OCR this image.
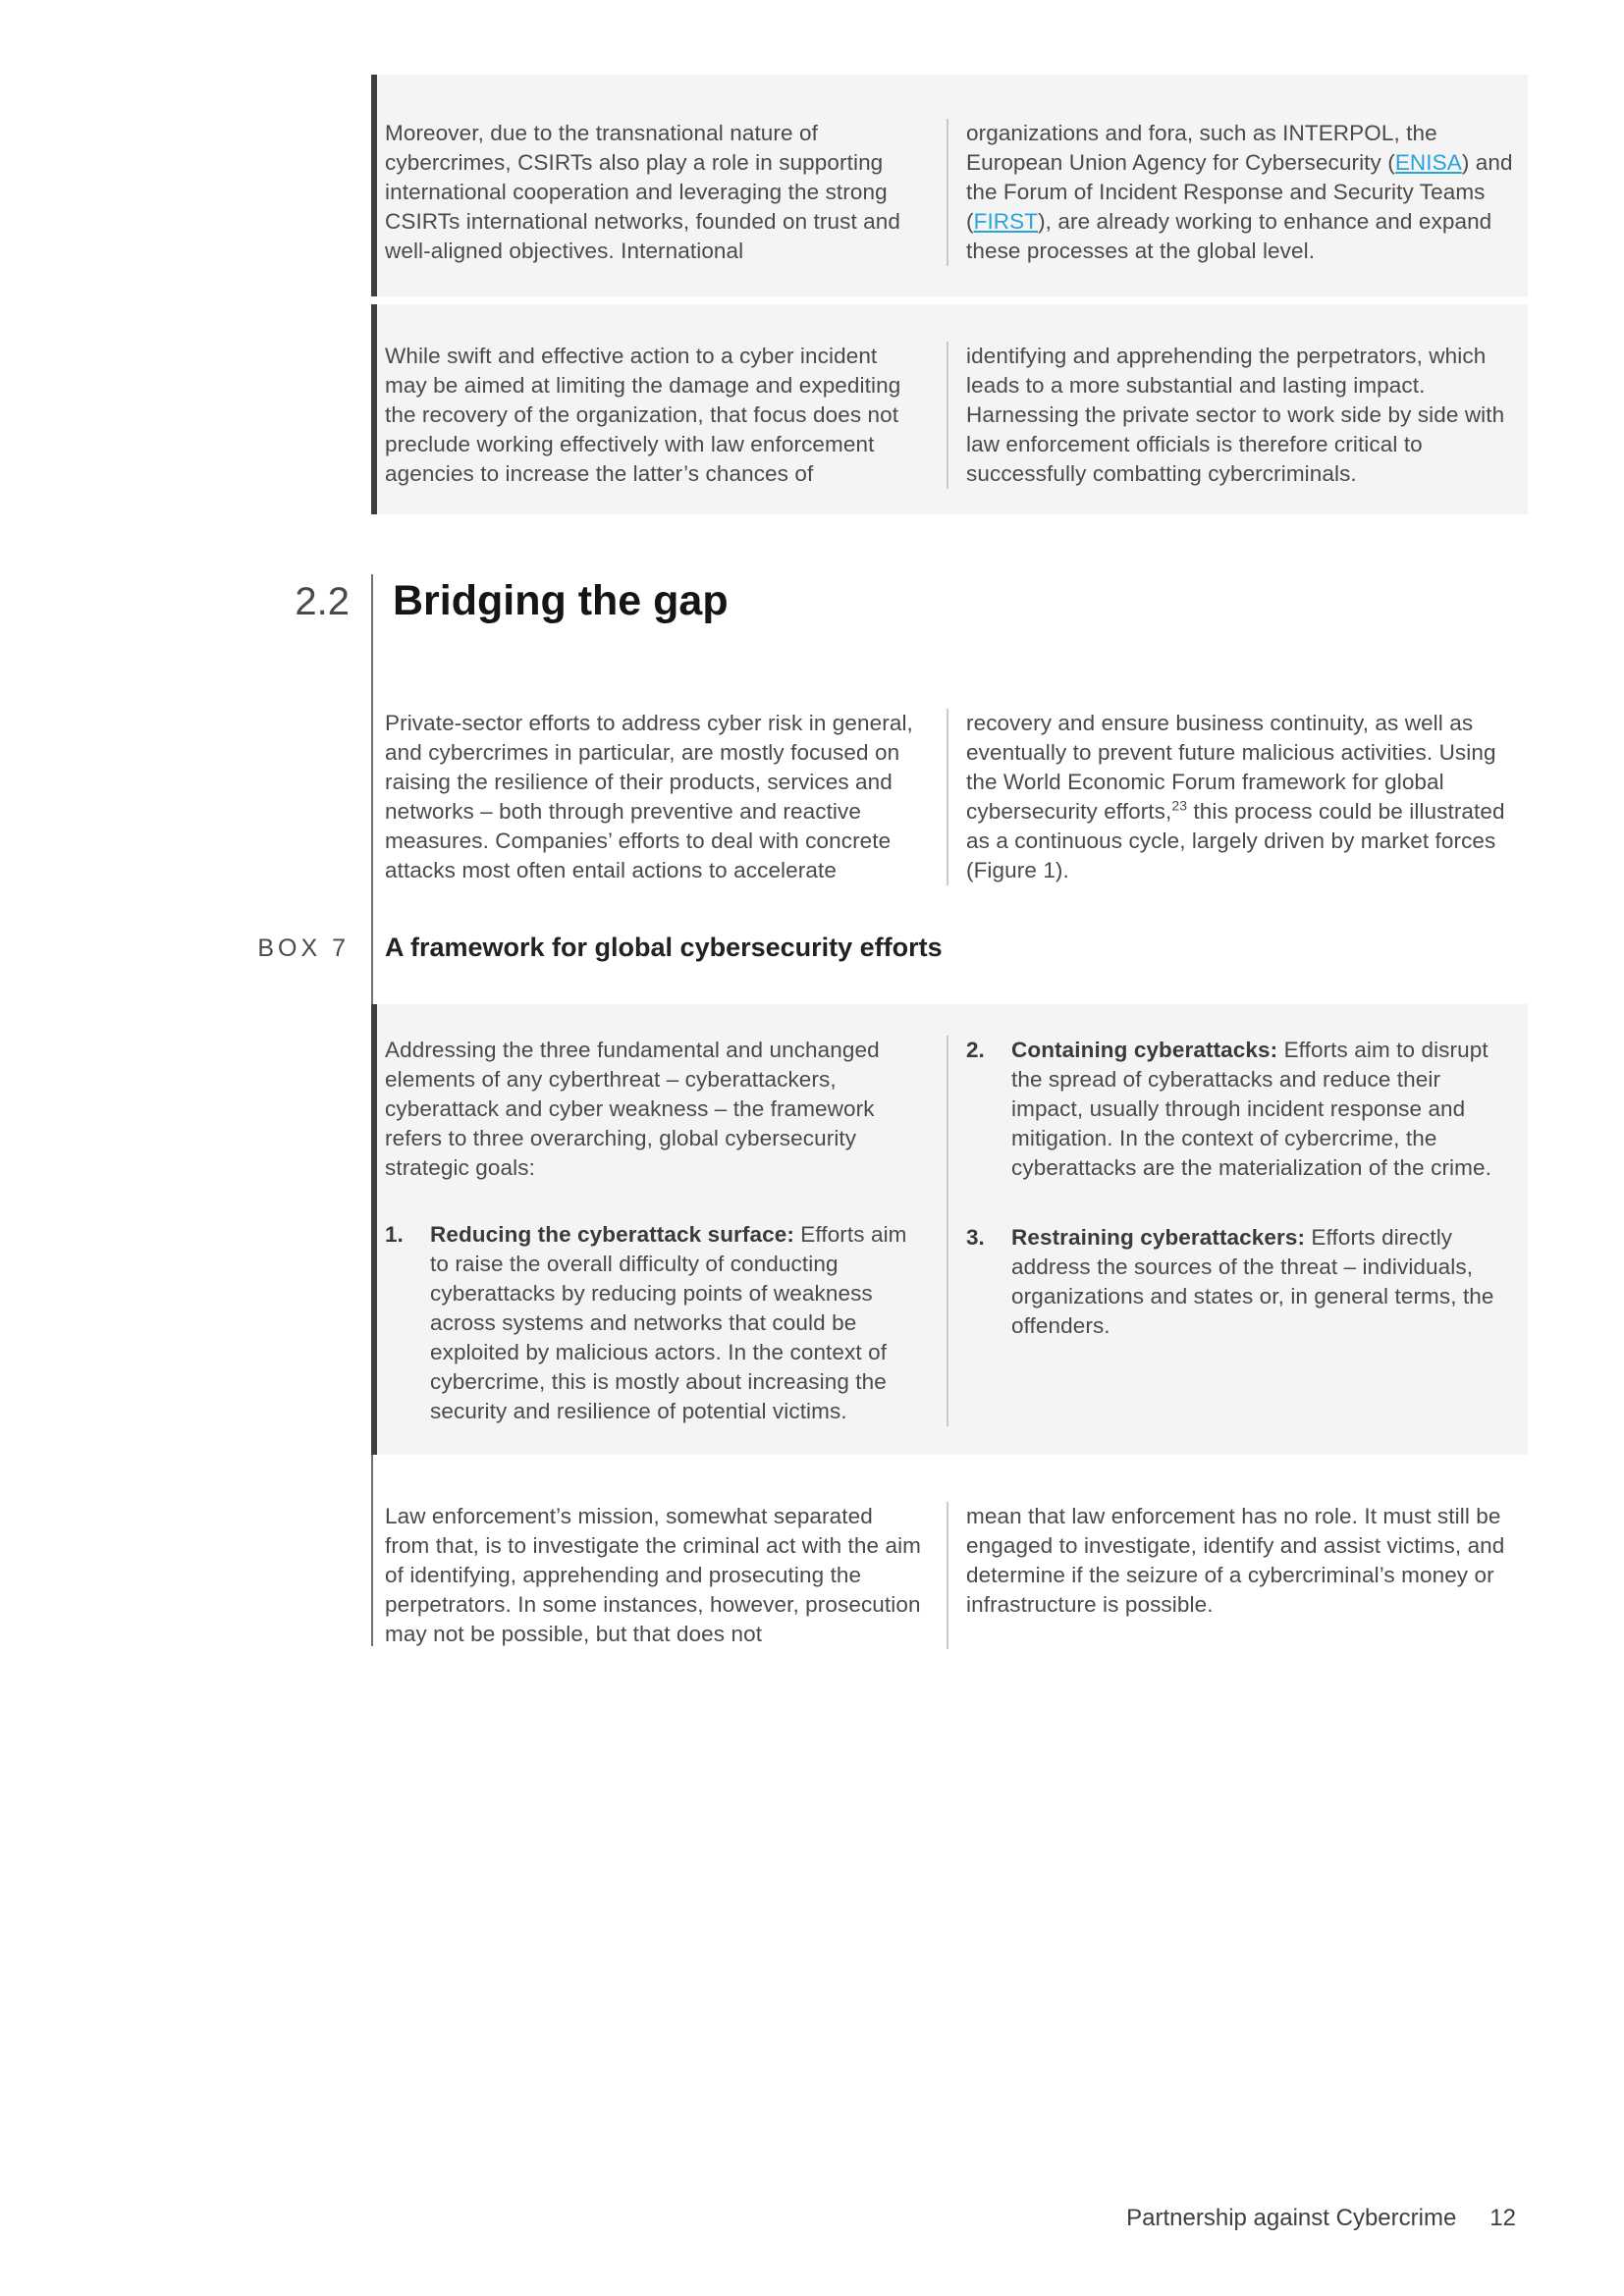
Moreover, due to the transnational nature of cybercrimes, CSIRTs also play a role in supporting international cooperation and leveraging the strong CSIRTs international networks, founded on trust and well-aligned objectives. International

organizations and fora, such as INTERPOL, the European Union Agency for Cybersecurity (ENISA) and the Forum of Incident Response and Security Teams (FIRST), are already working to enhance and expand these processes at the global level.

While swift and effective action to a cyber incident may be aimed at limiting the damage and expediting the recovery of the organization, that focus does not preclude working effectively with law enforcement agencies to increase the latter’s chances of

identifying and apprehending the perpetrators, which leads to a more substantial and lasting impact. Harnessing the private sector to work side by side with law enforcement officials is therefore critical to successfully combatting cybercriminals.

2.2 Bridging the gap

Private-sector efforts to address cyber risk in general, and cybercrimes in particular, are mostly focused on raising the resilience of their products, services and networks – both through preventive and reactive measures. Companies’ efforts to deal with concrete attacks most often entail actions to accelerate

recovery and ensure business continuity, as well as eventually to prevent future malicious activities. Using the World Economic Forum framework for global cybersecurity efforts,$^{23}$ this process could be illustrated as a continuous cycle, largely driven by market forces (Figure 1).

BOX 7 A framework for global cybersecurity efforts

Addressing the three fundamental and unchanged elements of any cyberthreat – cyberattackers, cyberattack and cyber weakness – the framework refers to three overarching, global cybersecurity strategic goals:

1.	Reducing the cyberattack surface: Efforts aim to raise the overall difficulty of conducting cyberattacks by reducing points of weakness across systems and networks that could be exploited by malicious actors. In the context of cybercrime, this is mostly about increasing the security and resilience of potential victims.

2.	Containing cyberattacks: Efforts aim to disrupt the spread of cyberattacks and reduce their impact, usually through incident response and mitigation. In the context of cybercrime, the cyberattacks are the materialization of the crime.

3.	Restraining cyberattackers: Efforts directly address the sources of the threat – individuals, organizations and states or, in general terms, the offenders.

Law enforcement’s mission, somewhat separated from that, is to investigate the criminal act with the aim of identifying, apprehending and prosecuting the perpetrators. In some instances, however, prosecution may not be possible, but that does not

mean that law enforcement has no role. It must still be engaged to investigate, identify and assist victims, and determine if the seizure of a cybercriminal’s money or infrastructure is possible.

Partnership against Cybercrime 12
